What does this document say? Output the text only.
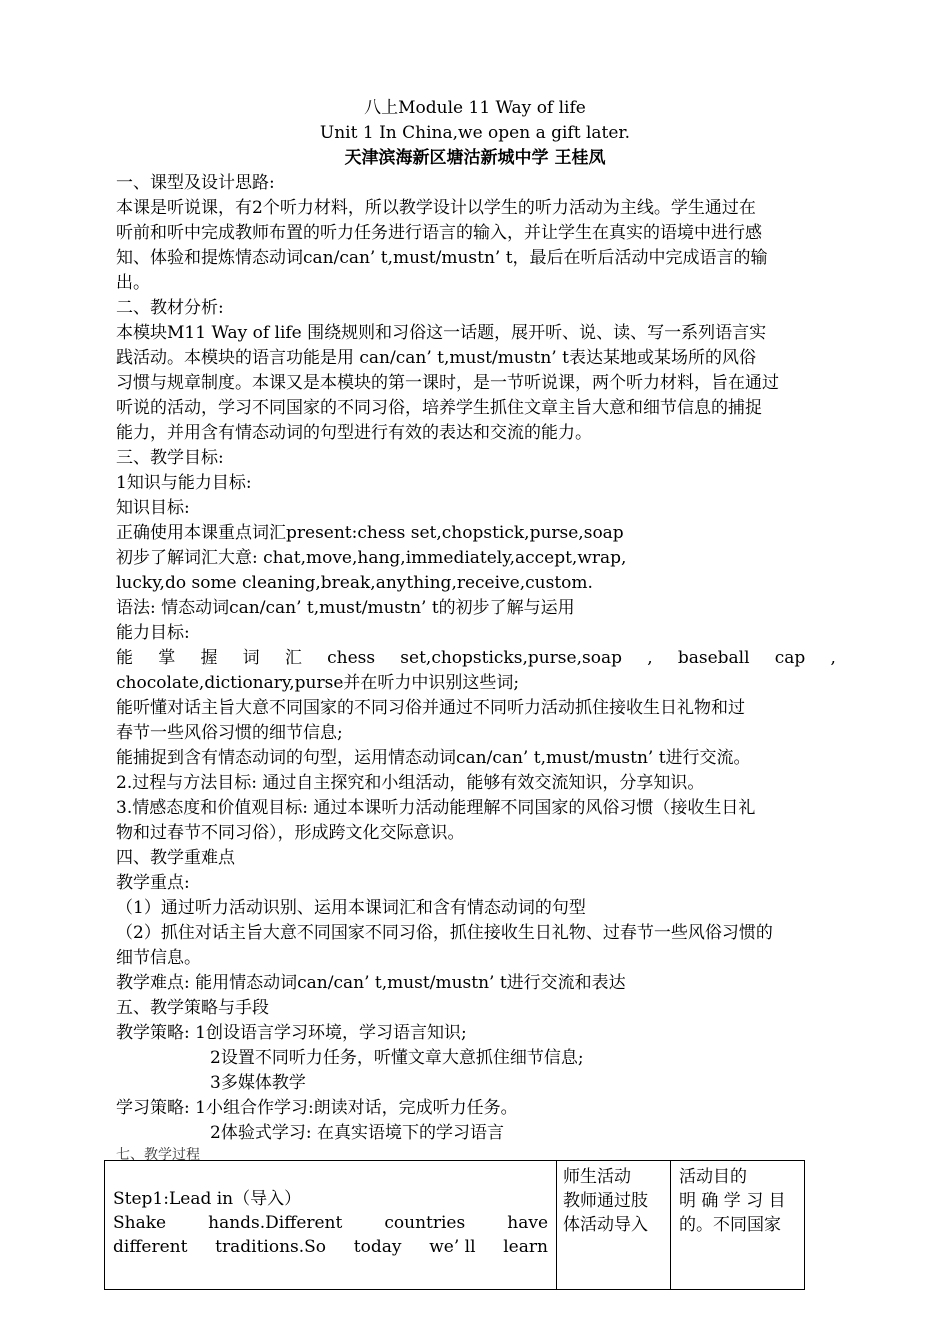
八上Module 11 Way of life
Unit 1 In China,we open a gift later.
天津滨海新区塘沽新城中学 王桂凤
一、课型及设计思路:
本课是听说课，有2个听力材料，所以教学设计以学生的听力活动为主线。学生通过在
听前和听中完成教师布置的听力任务进行语言的输入，并让学生在真实的语境中进行感
知、体验和提炼情态动词can/can’ t,must/mustn’ t，最后在听后活动中完成语言的输
出。
二、教材分析:
本模块M11 Way of life 围绕规则和习俗这一话题，展开听、说、读、写一系列语言实
践活动。本模块的语言功能是用 can/can’ t,must/mustn’ t表达某地或某场所的风俗
习惯与规章制度。本课又是本模块的第一课时，是一节听说课，两个听力材料，旨在通过
听说的活动，学习不同国家的不同习俗，培养学生抓住文章主旨大意和细节信息的捕捉
能力，并用含有情态动词的句型进行有效的表达和交流的能力。
三、教学目标:
1知识与能力目标:
知识目标:
正确使用本课重点词汇present:chess set,chopstick,purse,soap
初步了解词汇大意: chat,move,hang,immediately,accept,wrap,
lucky,do some cleaning,break,anything,receive,custom.
语法: 情态动词can/can’ t,must/mustn’ t的初步了解与运用
能力目标:
能 掌 握 词 汇 chess set,chopsticks,purse,soap , baseball cap ,
chocolate,dictionary,purse并在听力中识别这些词;
能听懂对话主旨大意不同国家的不同习俗并通过不同听力活动抓住接收生日礼物和过
春节一些风俗习惯的细节信息;
能捕捉到含有情态动词的句型，运用情态动词can/can’ t,must/mustn’ t进行交流。
2.过程与方法目标: 通过自主探究和小组活动，能够有效交流知识，分享知识。
3.情感态度和价值观目标: 通过本课听力活动能理解不同国家的风俗习惯（接收生日礼
物和过春节不同习俗），形成跨文化交际意识。
四、教学重难点
教学重点:
（1）通过听力活动识别、运用本课词汇和含有情态动词的句型
（2）抓住对话主旨大意不同国家不同习俗，抓住接收生日礼物、过春节一些风俗习惯的
细节信息。
教学难点: 能用情态动词can/can’ t,must/mustn’ t进行交流和表达
五、教学策略与手段
教学策略: 1创设语言学习环境，学习语言知识;
2设置不同听力任务，听懂文章大意抓住细节信息;
3多媒体教学
学习策略: 1小组合作学习:朗读对话，完成听力任务。
2体验式学习: 在真实语境下的学习语言
七、教学过程
Step1:Lead in（导入）
Shake hands.Different countries have
different traditions.So today we’ ll learn

师生活动
教师通过肢
体活动导入

活动目的
明 确 学 习 目
的。不同国家
